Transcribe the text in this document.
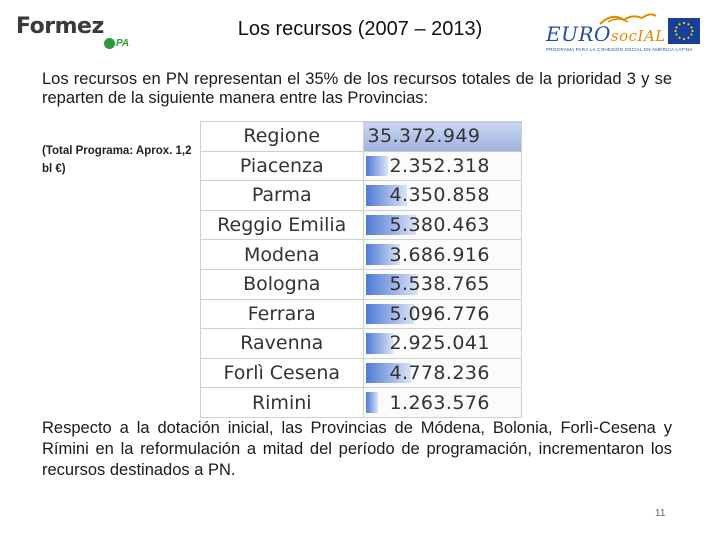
Formez
PA
Los recursos (2007 – 2013)	EUROsocIAL
PROGRAMA PARA LA COHESIÓN SOCIAL EN AMÉRICA LATINA
Los recursos en PN representan el 35% de los recursos totales de la prioridad 3 y se reparten de la siguiente manera entre las Provincias:
(Total Programa: Aprox. 1,2 bl €)
Regione	35.372.949
Piacenza	2.352.318
Parma	4.350.858
Reggio Emilia	5.380.463
Modena	3.686.916
Bologna	5.538.765
Ferrara	5.096.776
Ravenna	2.925.041
Forlì Cesena	4.778.236
Rimini	1.263.576
Respecto a la dotación inicial, las Provincias de Módena, Bolonia, Forlì-Cesena y Rímini en la reformulación a mitad del período de programación, incrementaron los recursos destinados a PN.
11
